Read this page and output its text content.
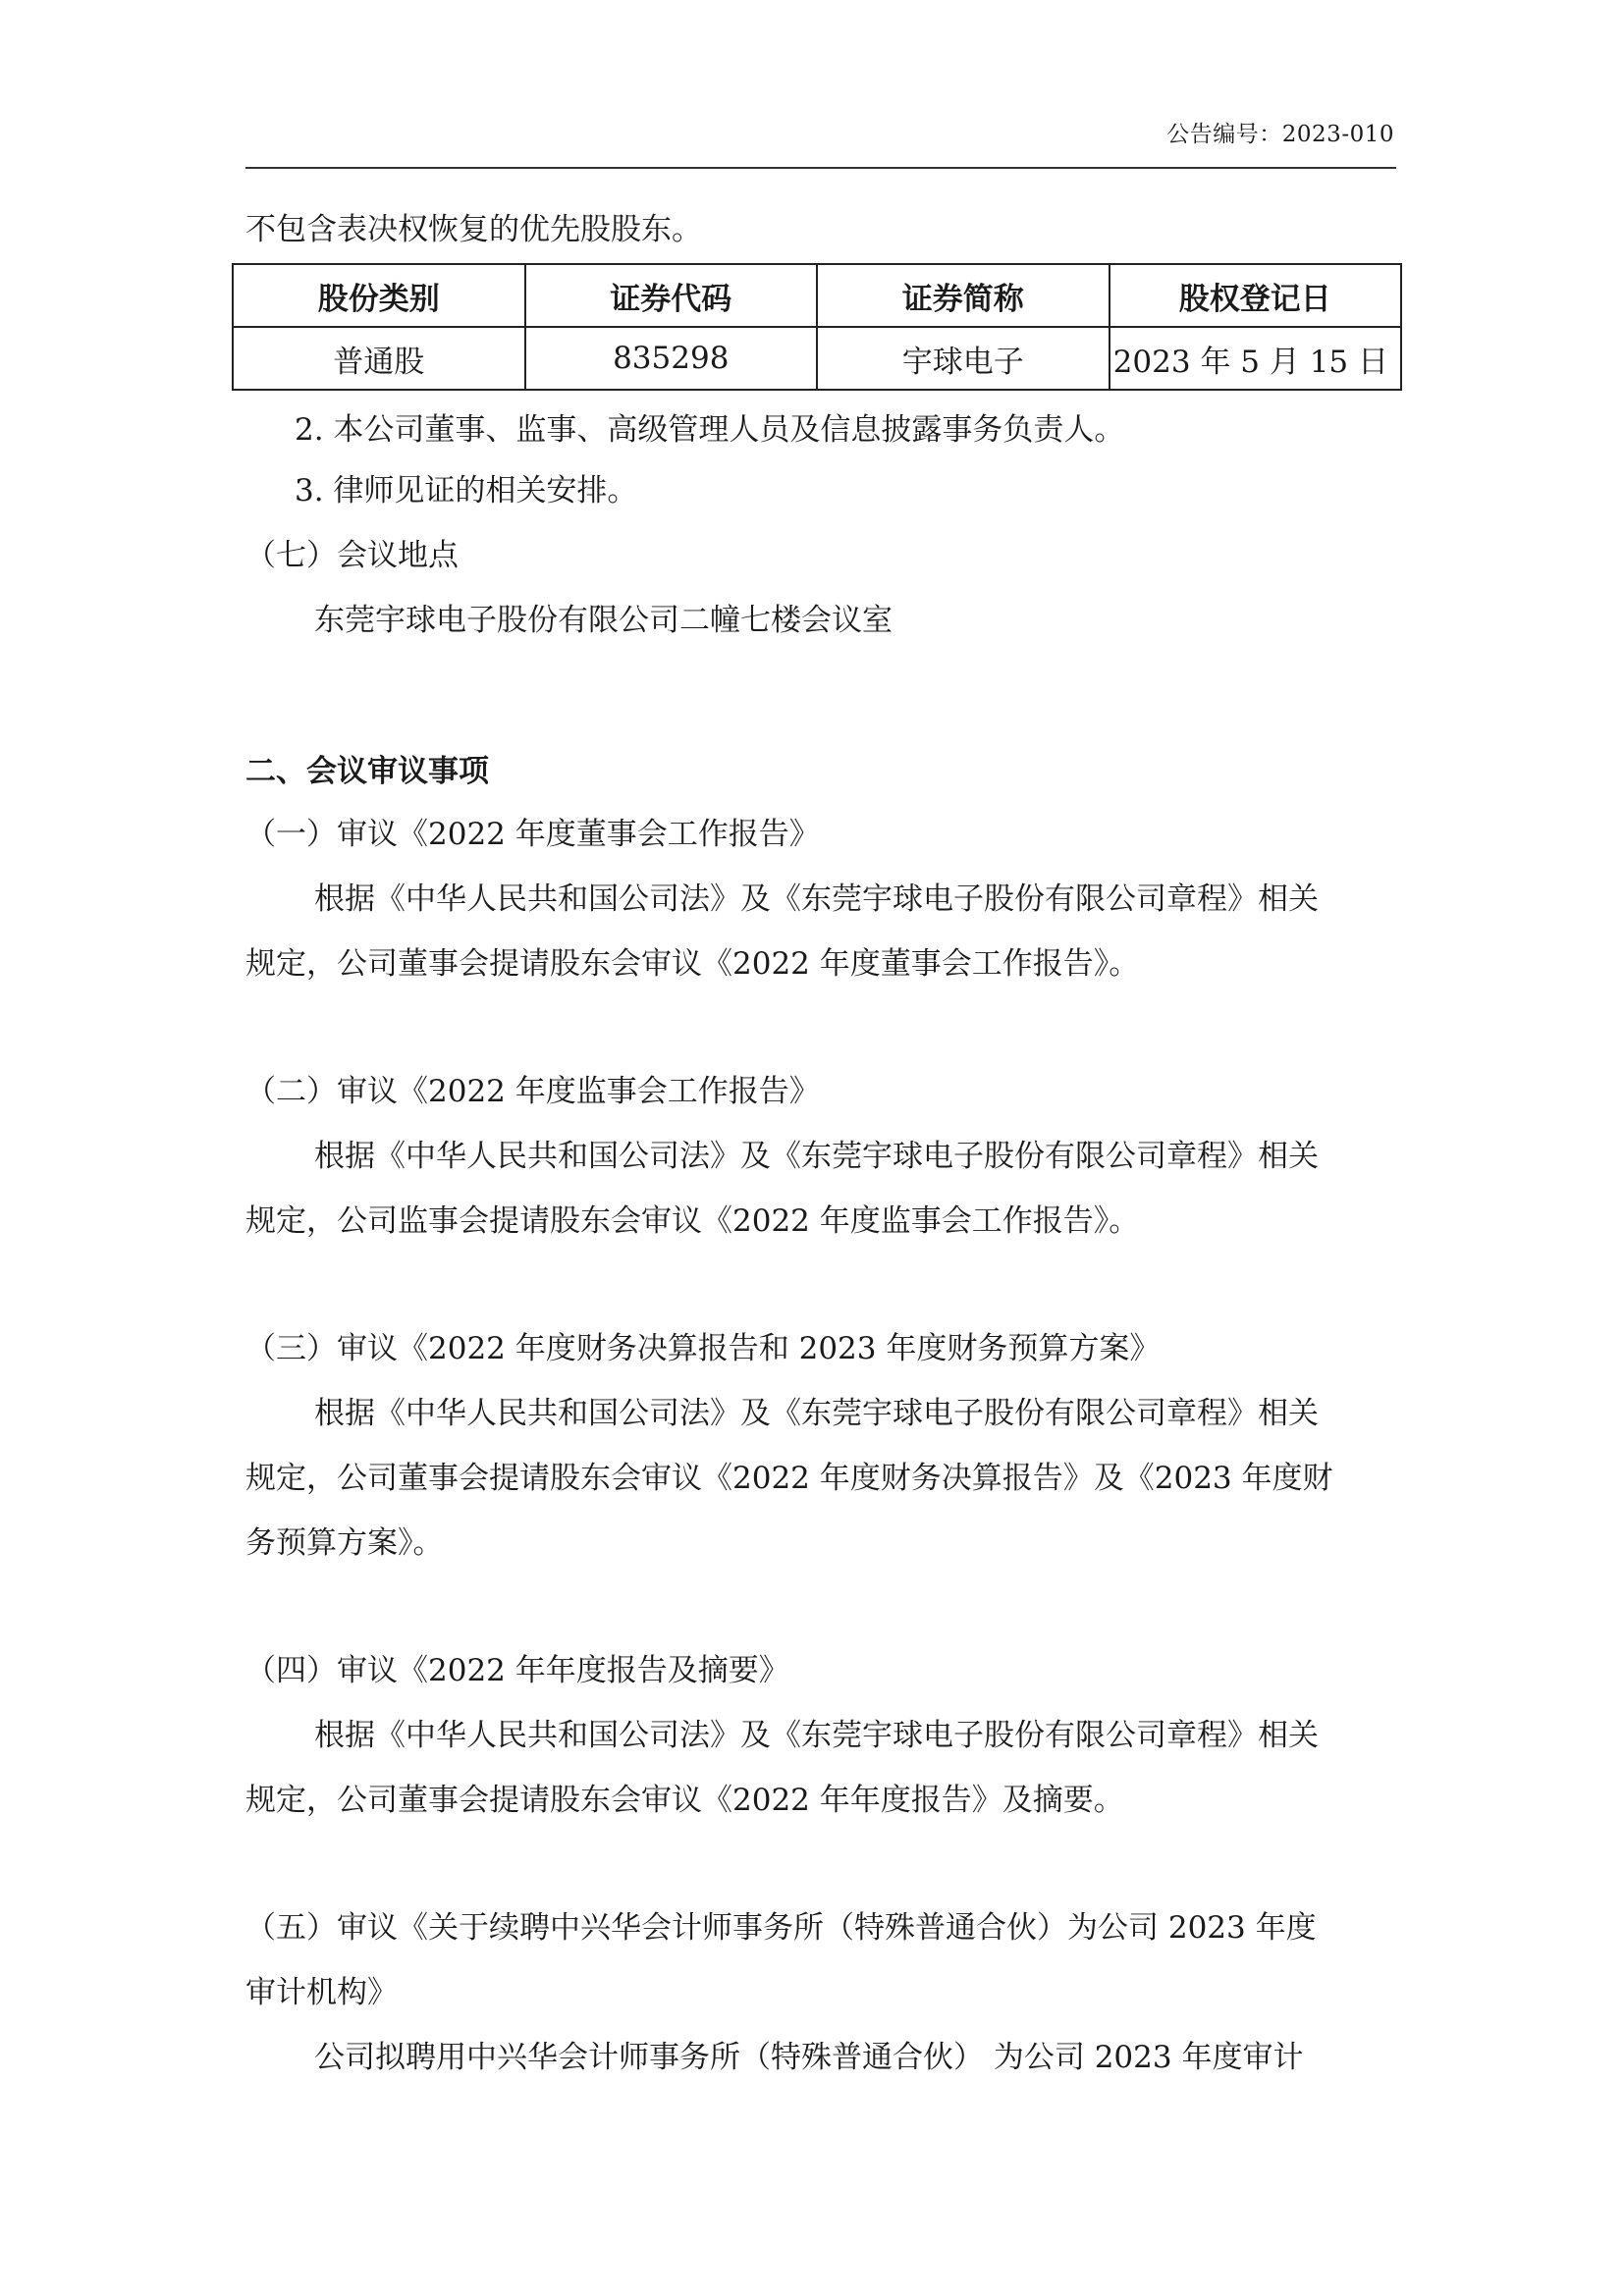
公告编号：2023-010
不包含表决权恢复的优先股股东。
股份类别	证券代码	证券简称	股权登记日
普通股	835298	宇球电子	2023 年 5 月 15 日
2. 本公司董事、监事、高级管理人员及信息披露事务负责人。
3. 律师见证的相关安排。
（七）会议地点
东莞宇球电子股份有限公司二幢七楼会议室
二、会议审议事项
（一）审议《2022 年度董事会工作报告》
根据《中华人民共和国公司法》及《东莞宇球电子股份有限公司章程》相关
规定，公司董事会提请股东会审议《2022 年度董事会工作报告》。
（二）审议《2022 年度监事会工作报告》
根据《中华人民共和国公司法》及《东莞宇球电子股份有限公司章程》相关
规定，公司监事会提请股东会审议《2022 年度监事会工作报告》。
（三）审议《2022 年度财务决算报告和 2023 年度财务预算方案》
根据《中华人民共和国公司法》及《东莞宇球电子股份有限公司章程》相关
规定，公司董事会提请股东会审议《2022 年度财务决算报告》及《2023 年度财
务预算方案》。
（四）审议《2022 年年度报告及摘要》
根据《中华人民共和国公司法》及《东莞宇球电子股份有限公司章程》相关
规定，公司董事会提请股东会审议《2022 年年度报告》及摘要。
（五）审议《关于续聘中兴华会计师事务所（特殊普通合伙）为公司 2023 年度
审计机构》
公司拟聘用中兴华会计师事务所（特殊普通合伙） 为公司 2023 年度审计
